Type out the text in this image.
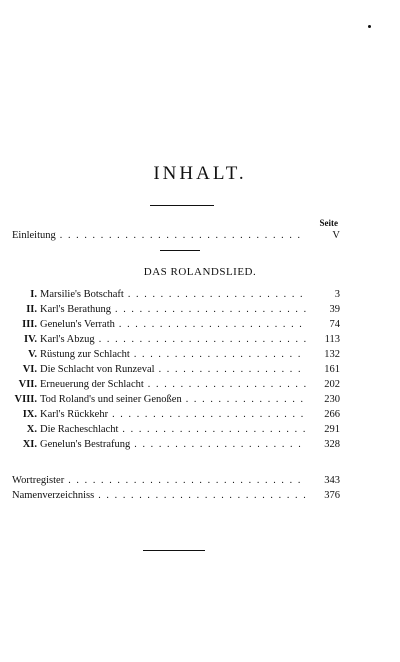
INHALT.
Seite
Einleitung . . .	V
DAS ROLANDSLIED.
I. Marsilie's Botschaft . . .	3
II. Karl's Berathung . . .	39
III. Genelun's Verrath . . .	74
IV. Karl's Abzug . . .	113
V. Rüstung zur Schlacht . . .	132
VI. Die Schlacht von Runzeval . . .	161
VII. Erneuerung der Schlacht . . .	202
VIII. Tod Roland's und seiner Genoßen . . .	230
IX. Karl's Rückkehr . . .	266
X. Die Racheschlacht . . .	291
XI. Genelun's Bestrafung . . .	328
Wortregister . . .	343
Namenverzeichniss . . .	376
